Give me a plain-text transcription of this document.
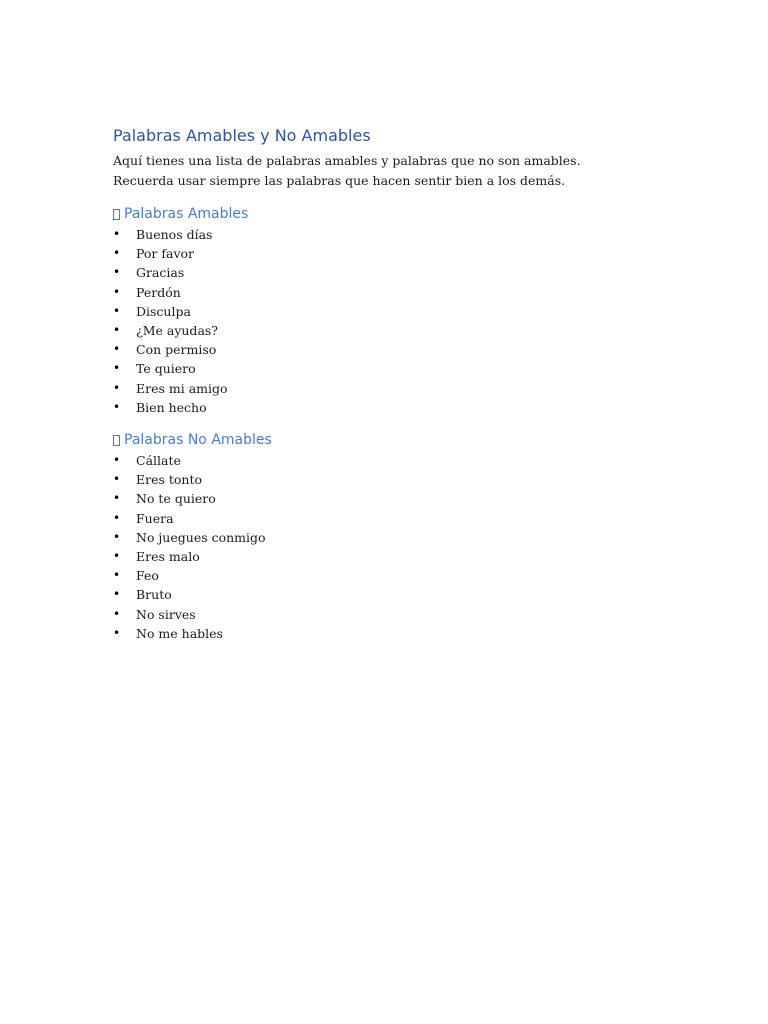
Palabras Amables y No Amables

Aquí tienes una lista de palabras amables y palabras que no son amables. Recuerda usar siempre las palabras que hacen sentir bien a los demás.

Palabras Amables
•	Buenos días
•	Por favor
•	Gracias
•	Perdón
•	Disculpa
•	¿Me ayudas?
•	Con permiso
•	Te quiero
•	Eres mi amigo
•	Bien hecho
Palabras No Amables
•	Cállate
•	Eres tonto
•	No te quiero
•	Fuera
•	No juegues conmigo
•	Eres malo
•	Feo
•	Bruto
•	No sirves
•	No me hables
